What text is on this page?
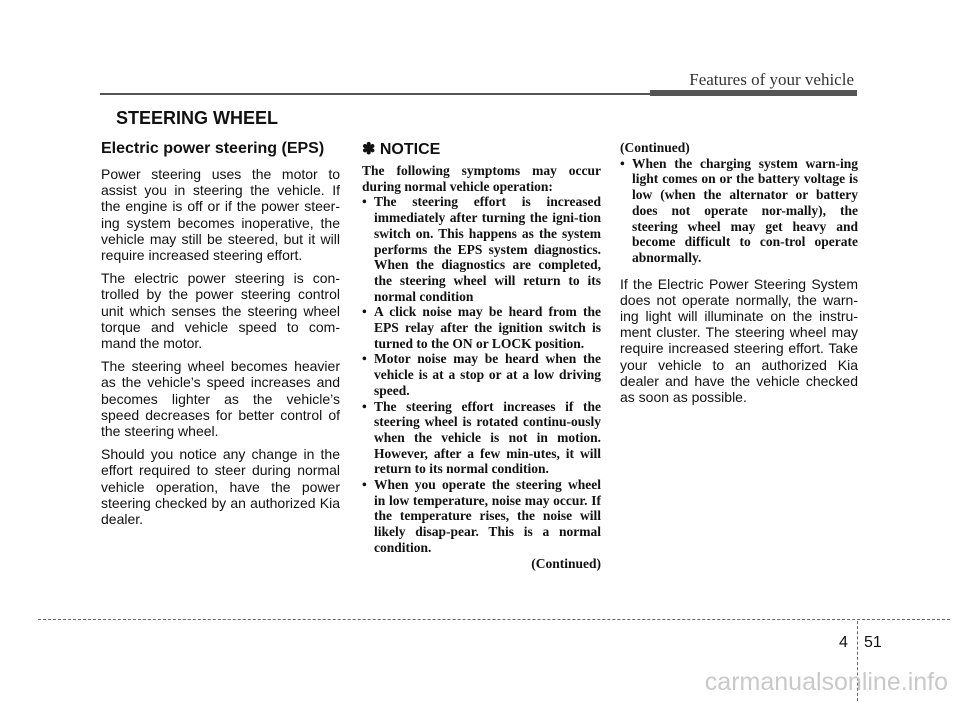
Features of your vehicle
STEERING WHEEL
Electric power steering (EPS)

Power steering uses the motor to assist you in steering the vehicle. If the engine is off or if the power steer-ing system becomes inoperative, the vehicle may still be steered, but it will require increased steering effort.

The electric power steering is con-trolled by the power steering control unit which senses the steering wheel torque and vehicle speed to com-mand the motor.

The steering wheel becomes heavier as the vehicle’s speed increases and becomes lighter as the vehicle’s speed decreases for better control of the steering wheel.

Should you notice any change in the effort required to steer during normal vehicle operation, have the power steering checked by an authorized Kia dealer.

✽ NOTICE
The following symptoms may occur during normal vehicle operation:
• The steering effort is increased immediately after turning the igni-tion switch on. This happens as the system performs the EPS system diagnostics. When the diagnostics are completed, the steering wheel will return to its normal condition
• A click noise may be heard from the EPS relay after the ignition switch is turned to the ON or LOCK position.
• Motor noise may be heard when the vehicle is at a stop or at a low driving speed.
• The steering effort increases if the steering wheel is rotated continu-ously when the vehicle is not in motion. However, after a few min-utes, it will return to its normal condition.
• When you operate the steering wheel in low temperature, noise may occur. If the temperature rises, the noise will likely disap-pear. This is a normal condition.
(Continued)
(Continued)
• When the charging system warn-ing light comes on or the battery voltage is low (when the alternator or battery does not operate nor-mally), the steering wheel may get heavy and become difficult to con-trol operate abnormally.

If the Electric Power Steering System does not operate normally, the warn-ing light will illuminate on the instru-ment cluster. The steering wheel may require increased steering effort. Take your vehicle to an authorized Kia dealer and have the vehicle checked as soon as possible.

4 51
carmanualsonline.info
